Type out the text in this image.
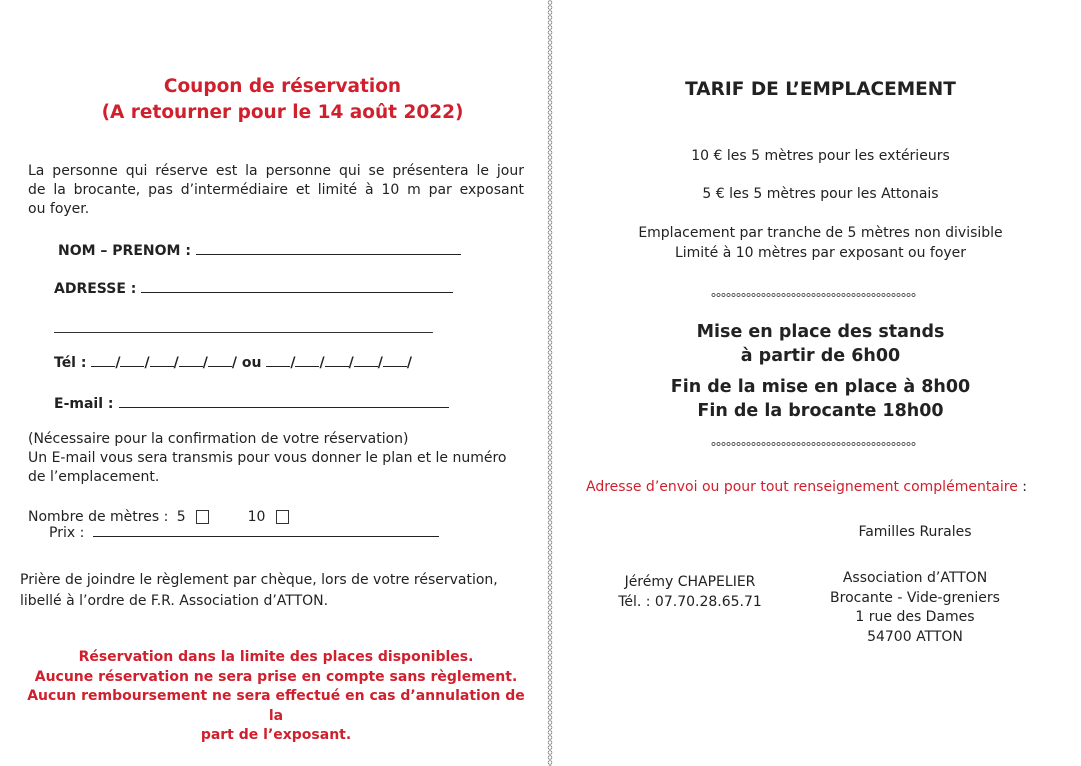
Coupon de réservation
(A retourner pour le 14 août 2022)
La personne qui réserve est la personne qui se présentera le jour
de la brocante, pas d’intermédiaire et limité à 10 m par exposant
ou foyer.
NOM – PRENOM :
ADRESSE :
Tél : / / / / / ou / / / / /
E-mail :
(Nécessaire pour la confirmation de votre réservation)
Un E-mail vous sera transmis pour vous donner le plan et le numéro
de l’emplacement.
Nombre de mètres : 5	10
Prix :
Prière de joindre le règlement par chèque, lors de votre réservation,
libellé à l’ordre de F.R. Association d’ATTON.
Réservation dans la limite des places disponibles.
Aucune réservation ne sera prise en compte sans règlement.
Aucun remboursement ne sera effectué en cas d’annulation de la
part de l’exposant.
TARIF DE L’EMPLACEMENT
10 € les 5 mètres pour les extérieurs
5 € les 5 mètres pour les Attonais
Emplacement par tranche de 5 mètres non divisible
Limité à 10 mètres par exposant ou foyer
Mise en place des stands
à partir de 6h00
Fin de la mise en place à 8h00
Fin de la brocante 18h00
Adresse d’envoi ou pour tout renseignement complémentaire :
Familles Rurales
Jérémy CHAPELIER
Tél. : 07.70.28.65.71
Association d’ATTON
Brocante - Vide-greniers
1 rue des Dames
54700 ATTON
